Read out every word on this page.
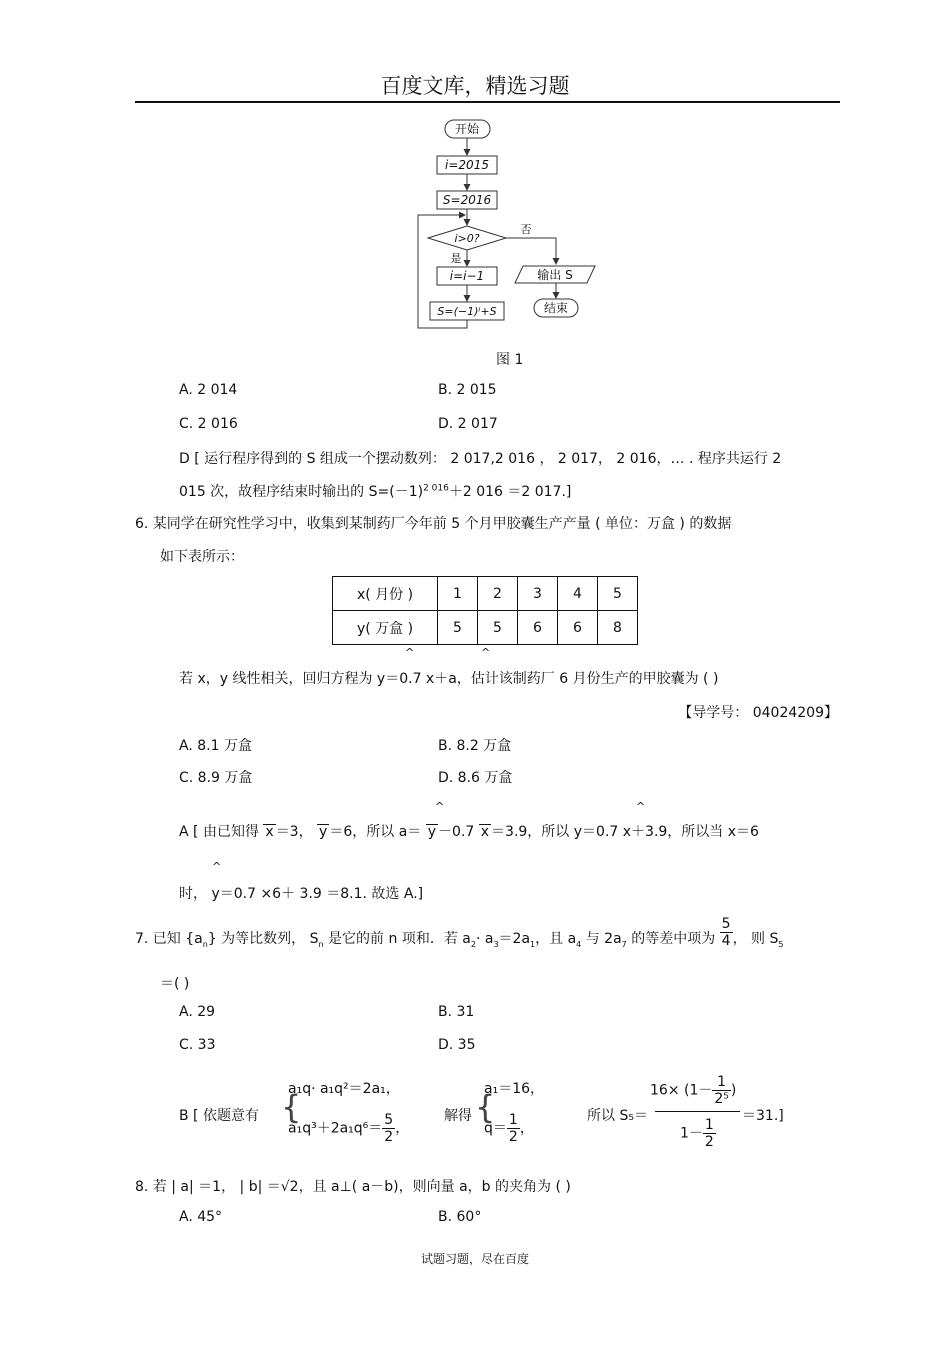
百度文库，精选习题
开始
i=2015
S=2016
i>0?
是
否
i=i−1
S=(−1)ⁱ+S
输出 S
结束
图 1
A. 2 014	B. 2 015
C. 2 016	D. 2 017
D [ 运行程序得到的 S 组成一个摆动数列： 2 017,2 016 ， 2 017， 2 016，… . 程序共运行 2
015 次，故程序结束时输出的 $S=(-1)^{2 016}+2$ 016 ＝2 017.]
6. 某同学在研究性学习中，收集到某制药厂今年前 5 个月甲胶囊生产产量 ( 单位：万盒 ) 的数据
如下表所示：
x( 月份 )	1	2	3	4	5
y( 万盒 )	5	5	6	6	8
^	^
若 x，y 线性相关，回归方程为 y＝0.7 x＋a，估计该制药厂 6 月份生产的甲胶囊为 ( )
【导学号： 04024209】
A. 8.1 万盒	B. 8.2 万盒
C. 8.9 万盒	D. 8.6 万盒
^	^
A [ 由已知得 x ＝3， y ＝6，所以 a＝ y －0.7 x ＝3.9，所以 y＝0.7 x＋3.9，所以当 x＝6
^
时， y＝0.7 ×6＋ 3.9 ＝8.1. 故选 A.]
7. 已知 $\{a_n\}$ 为等比数列， $S_n$ 是它的前 n 项和．若 $a_2\cdot a_3=2a_1$，且 $a_4$ 与 $2a_7$ 的等差中项为 $\frac{5}{4}$ ， 则 $S_5$
＝( )
A. 29	B. 31
C. 33	D. 35
B [ 依题意有 {
a₁q· a₁q²＝2a₁，
$a_1q^3+2a_1q^6= \frac{5}{2}$ ，
解得 {
a₁＝16，
$q= \frac{1}{2}$ ，
所以 S₅＝
$16\times (1- \frac{1}{\text{2⁵}}$ )
$1- \frac{1}{2}$
＝31.]
8. 若 | a| ＝1， | b| ＝√2，且 a⊥( a－b)，则向量 a，b 的夹角为 ( )
A. 45°	B. 60°
试题习题，尽在百度
